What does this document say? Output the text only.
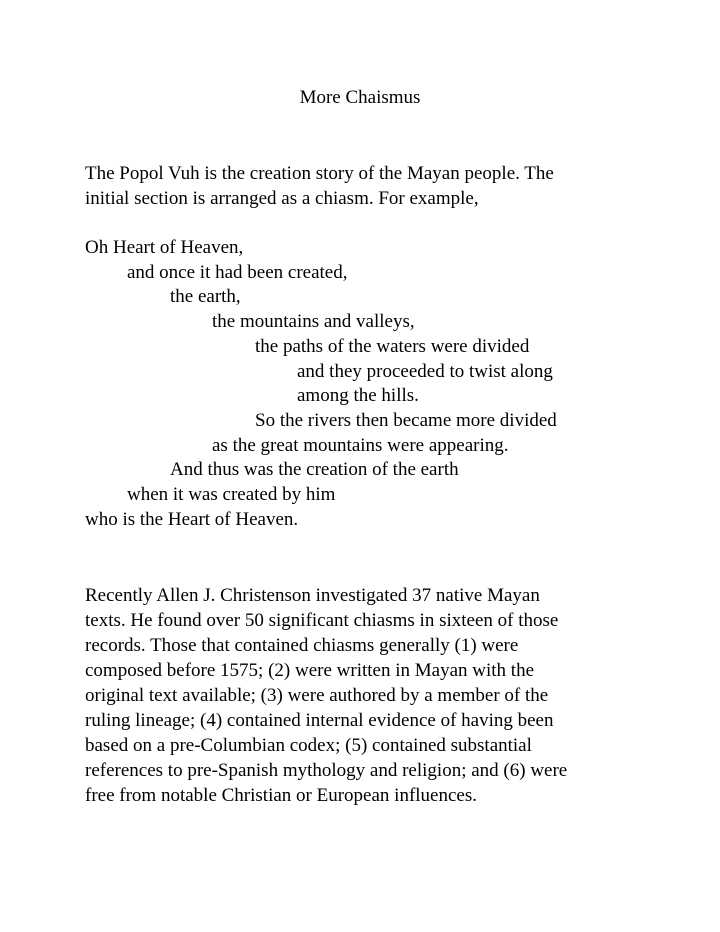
More Chaismus

The Popol Vuh is the creation story of the Mayan people. The
initial section is arranged as a chiasm. For example,

Oh Heart of Heaven,
and once it had been created,
the earth,
the mountains and valleys,
the paths of the waters were divided
and they proceeded to twist along
among the hills.
So the rivers then became more divided
as the great mountains were appearing.
And thus was the creation of the earth
when it was created by him
who is the Heart of Heaven.

Recently Allen J. Christenson investigated 37 native Mayan
texts. He found over 50 significant chiasms in sixteen of those
records. Those that contained chiasms generally (1) were
composed before 1575; (2) were written in Mayan with the
original text available; (3) were authored by a member of the
ruling lineage; (4) contained internal evidence of having been
based on a pre-Columbian codex; (5) contained substantial
references to pre-Spanish mythology and religion; and (6) were
free from notable Christian or European influences.
